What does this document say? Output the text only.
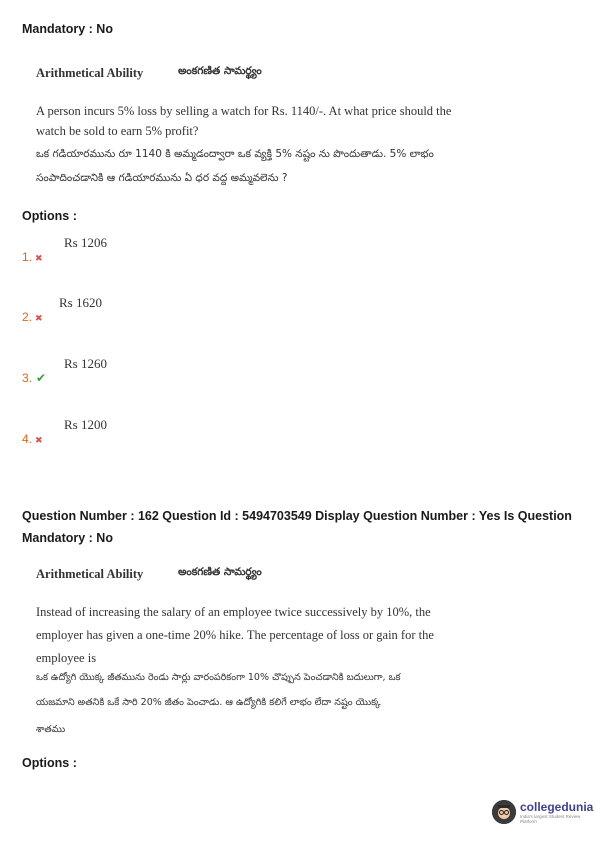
Mandatory : No
Arithmetical Ability	అంకగణిత సామర్థ్యం
A person incurs 5% loss by selling a watch for Rs. 1140/-. At what price should the
watch be sold to earn 5% profit?
ఒక గడియారమును రూ 1140 కి అమ్మడంద్వారా ఒక వ్యక్తి 5% నష్టం ను పొందుతాడు. 5% లాభం
సంపాదించడానికి ఆ గడియారమును ఏ ధర వద్ద అమ్మవలెను ?
Options :
Rs 1206
1. ✖
Rs 1620
2. ✖
Rs 1260
3. ✔
Rs 1200
4. ✖
Question Number : 162 Question Id : 5494703549 Display Question Number : Yes Is Question
Mandatory : No
Arithmetical Ability	అంకగణిత సామర్థ్యం
Instead of increasing the salary of an employee twice successively by 10%, the
employer has given a one-time 20% hike. The percentage of loss or gain for the
employee is
ఒక ఉద్యోగి యొక్క జీతమును రెండు సార్లు వారంపరికంగా 10% చొప్పున పెంచడానికి బదులుగా, ఒక
యజమాని అతనికి ఒకే సారి 20% జీతం పెంచాడు. ఆ ఉద్యోగికి కలిగే లాభం లేదా నష్టం యొక్క
శాతము
Options :
collegedunia
India's largest Student Review Platform
